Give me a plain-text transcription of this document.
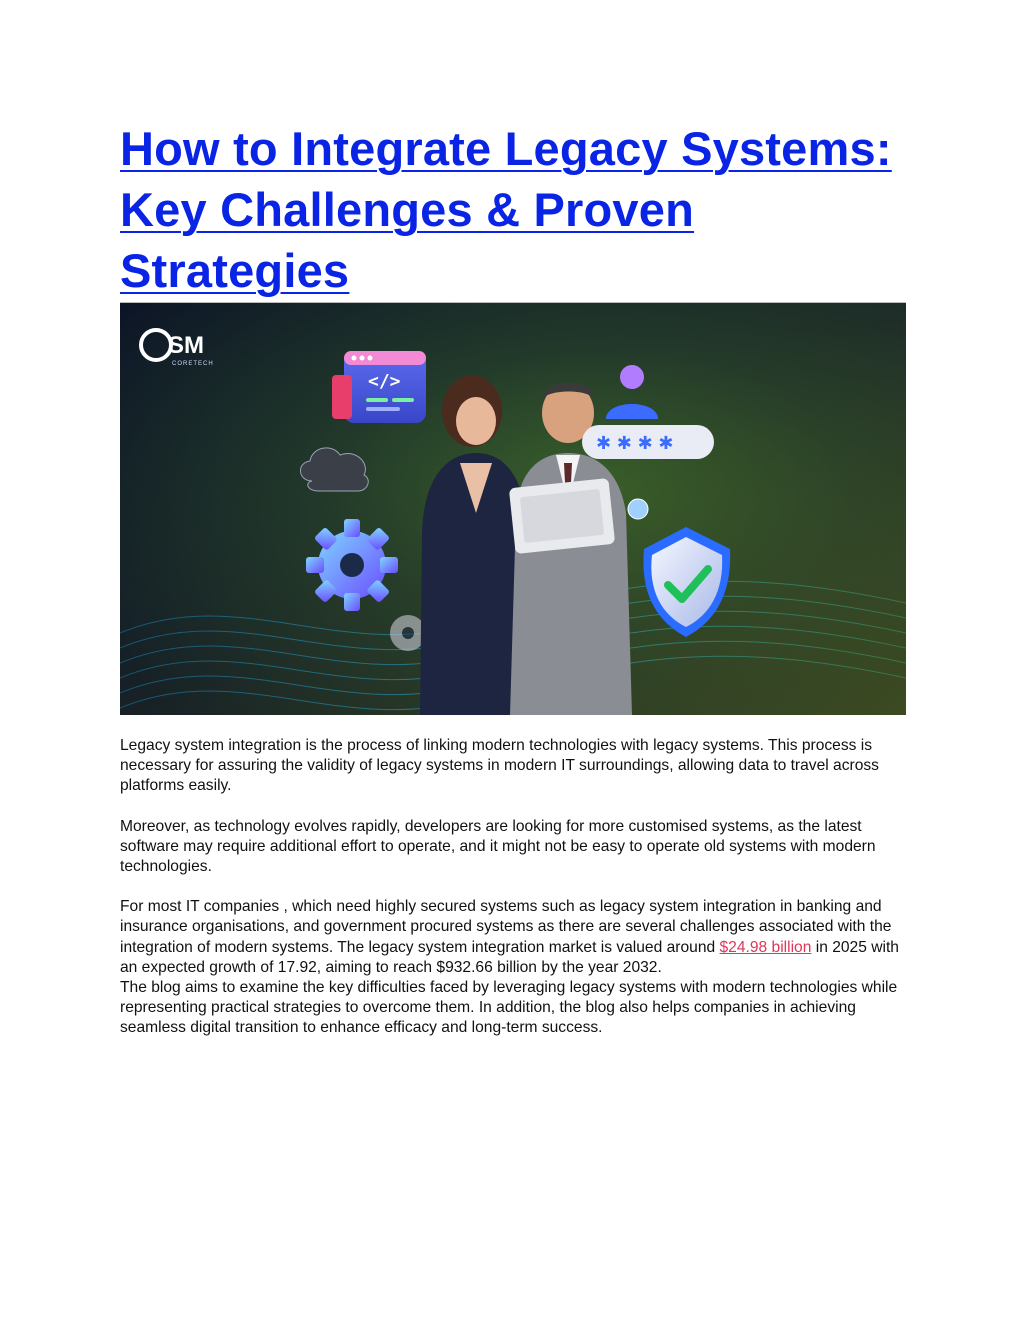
How to Integrate Legacy Systems: Key Challenges & Proven Strategies
SM
CORETECH
</>
✱ ✱ ✱ ✱

Legacy system integration is the process of linking modern technologies with legacy systems. This process is necessary for assuring the validity of legacy systems in modern IT surroundings, allowing data to travel across platforms easily.

Moreover, as technology evolves rapidly, developers are looking for more customised systems, as the latest software may require additional effort to operate, and it might not be easy to operate old systems with modern technologies.

For most IT companies , which need highly secured systems such as legacy system integration in banking and insurance organisations, and government procured systems as there are several challenges associated with the integration of modern systems. The legacy system integration market is valued around $24.98 billion in 2025 with an expected growth of 17.92, aiming to reach $932.66 billion by the year 2032.

The blog aims to examine the key difficulties faced by leveraging legacy systems with modern technologies while representing practical strategies to overcome them. In addition, the blog also helps companies in achieving seamless digital transition to enhance efficacy and long-term success.
